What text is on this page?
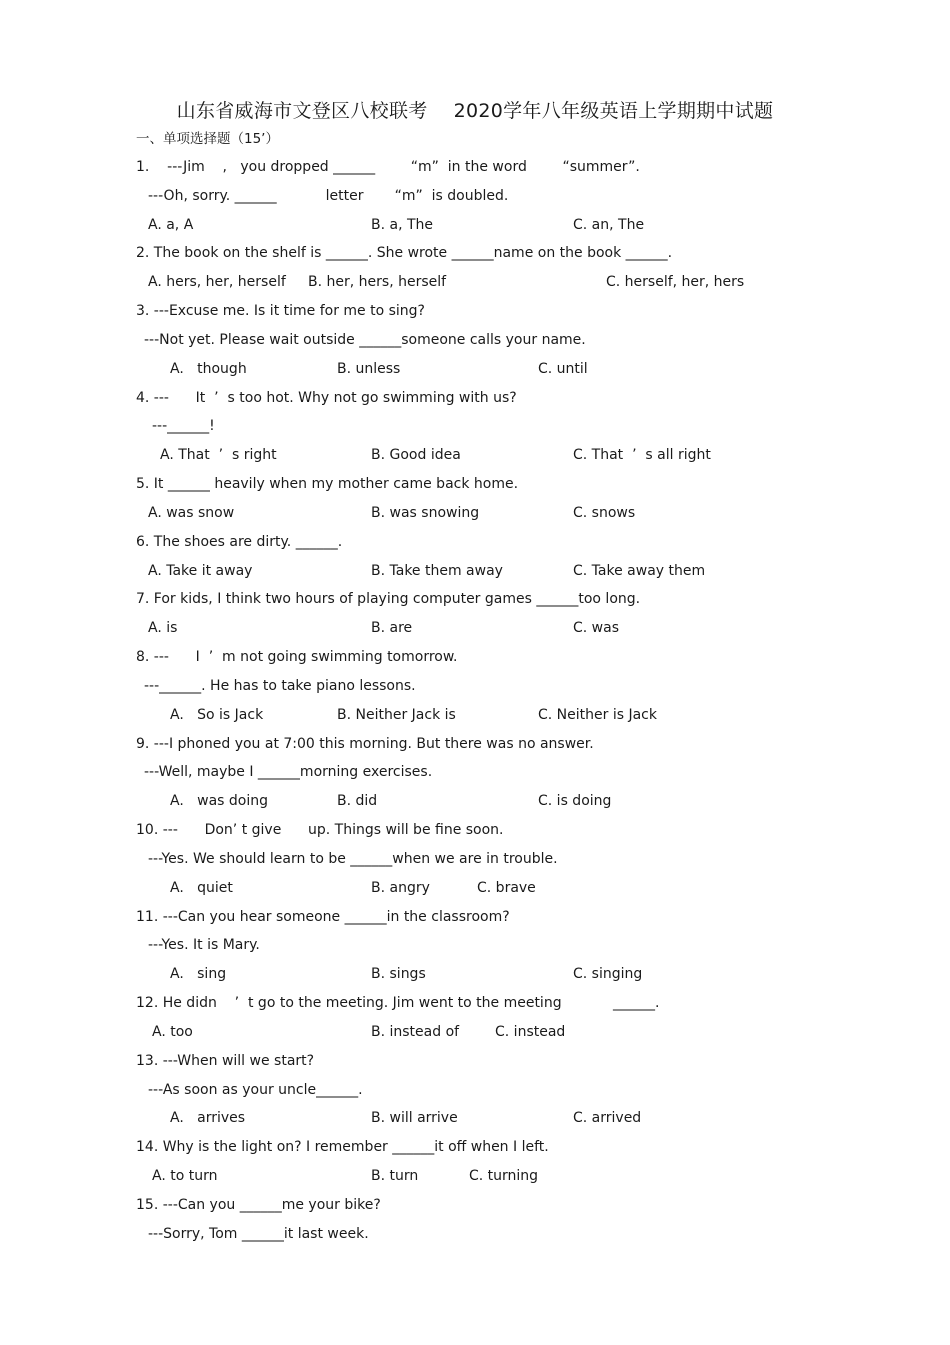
山东省威海市文登区八校联考 2020学年八年级英语上学期期中试题
一、单项选择题（15’）
1.    ---Jim    ,   you dropped ______        “m”  in the word        “summer”.
---Oh, sorry. ______           letter       “m”  is doubled.
A. a, A	B. a, The	C. an, The
2. The book on the shelf is ______. She wrote ______name on the book ______.
A. hers, her, herself     B. her, hers, herself	C. herself, her, hers
3. ---Excuse me. Is it time for me to sing?
---Not yet. Please wait outside ______someone calls your name.
A.   though	B. unless	C. until
4. ---      It  ’  s too hot. Why not go swimming with us?
---______!
A. That  ’  s right	B. Good idea	C. That  ’  s all right
5. It ______ heavily when my mother came back home.
A. was snow	B. was snowing	C. snows
6. The shoes are dirty. ______.
A. Take it away	B. Take them away	C. Take away them
7. For kids, I think two hours of playing computer games ______too long.
A. is	B. are	C. was
8. ---      I  ’  m not going swimming tomorrow.
---______. He has to take piano lessons.
A.   So is Jack	B. Neither Jack is	C. Neither is Jack
9. ---I phoned you at 7:00 this morning. But there was no answer.
---Well, maybe I ______morning exercises.
A.   was doing	B. did	C. is doing
10. ---      Don’ t give      up. Things will be fine soon.
---Yes. We should learn to be ______when we are in trouble.
A.   quiet	B. angry	C. brave
11. ---Can you hear someone ______in the classroom?
---Yes. It is Mary.
A.   sing	B. sings	C. singing
12. He didn    ’  t go to the meeting. Jim went to the meeting	______.
A. too	B. instead of	C. instead
13. ---When will we start?
---As soon as your uncle______.
A.   arrives	B. will arrive	C. arrived
14. Why is the light on? I remember ______it off when I left.
A. to turn	B. turn	C. turning
15. ---Can you ______me your bike?
---Sorry, Tom ______it last week.
